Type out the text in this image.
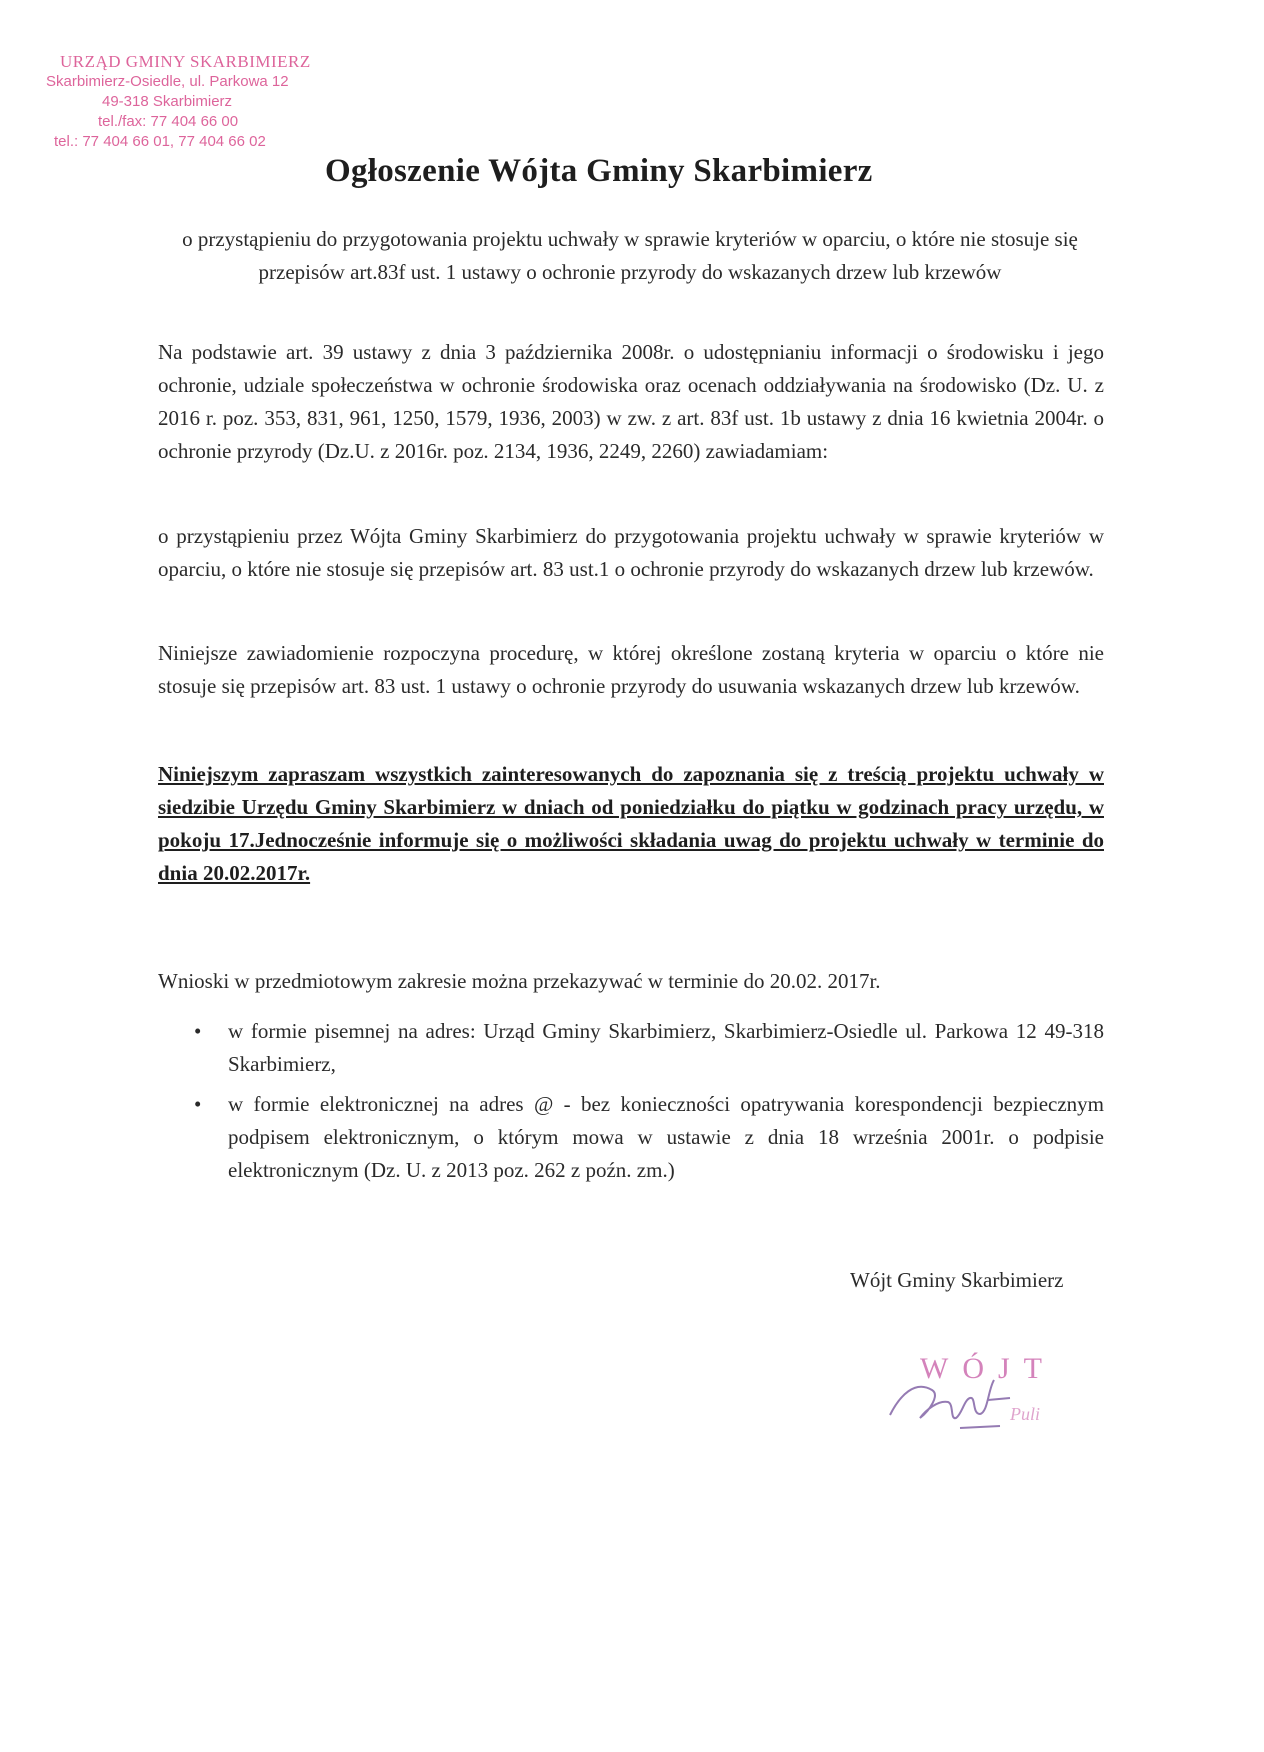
URZĄD GMINY SKARBIMIERZ
Skarbimierz-Osiedle, ul. Parkowa 12
49-318 Skarbimierz
tel./fax: 77 404 66 00
tel.: 77 404 66 01, 77 404 66 02
Ogłoszenie Wójta Gminy Skarbimierz
o przystąpieniu do przygotowania projektu uchwały w sprawie kryteriów w oparciu, o które nie stosuje się przepisów art.83f ust. 1 ustawy o ochronie przyrody do wskazanych drzew lub krzewów
Na podstawie art. 39 ustawy z dnia 3 października 2008r. o udostępnianiu informacji o środowisku i jego ochronie, udziale społeczeństwa w ochronie środowiska oraz ocenach oddziaływania na środowisko (Dz. U. z 2016 r. poz. 353, 831, 961, 1250, 1579, 1936, 2003) w zw. z art. 83f ust. 1b ustawy z dnia 16 kwietnia 2004r. o ochronie przyrody (Dz.U. z 2016r. poz. 2134, 1936, 2249, 2260) zawiadamiam:
o przystąpieniu przez Wójta Gminy Skarbimierz do przygotowania projektu uchwały w sprawie kryteriów w oparciu, o które nie stosuje się przepisów art. 83 ust.1 o ochronie przyrody do wskazanych drzew lub krzewów.
Niniejsze zawiadomienie rozpoczyna procedurę, w której określone zostaną kryteria w oparciu o które nie stosuje się przepisów art. 83 ust. 1 ustawy o ochronie przyrody do usuwania wskazanych drzew lub krzewów.
Niniejszym zapraszam wszystkich zainteresowanych do zapoznania się z treścią projektu uchwały w siedzibie Urzędu Gminy Skarbimierz w dniach od poniedziałku do piątku w godzinach pracy urzędu, w pokoju 17.Jednocześnie informuje się o możliwości składania uwag do projektu uchwały w terminie do dnia 20.02.2017r.
Wnioski w przedmiotowym zakresie można przekazywać w terminie do 20.02. 2017r.
• w formie pisemnej na adres: Urząd Gminy Skarbimierz, Skarbimierz-Osiedle ul. Parkowa 12 49-318 Skarbimierz,
• w formie elektronicznej na adres @ - bez konieczności opatrywania korespondencji bezpiecznym podpisem elektronicznym, o którym mowa w ustawie z dnia 18 września 2001r. o podpisie elektronicznym (Dz. U. z 2013 poz. 262 z poźn. zm.)
Wójt Gminy Skarbimierz
WÓJT
Puli
